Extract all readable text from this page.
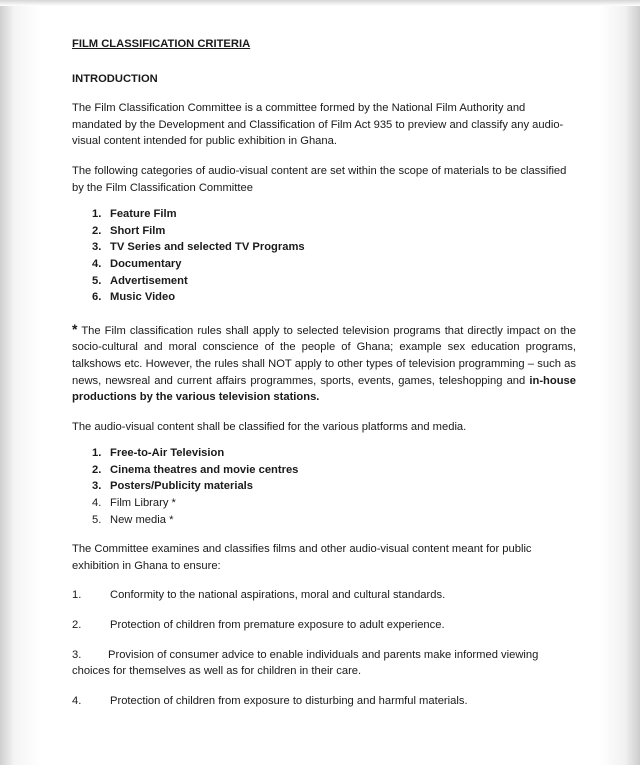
FILM CLASSIFICATION CRITERIA

INTRODUCTION

The Film Classification Committee is a committee formed by the National Film Authority and mandated by the Development and Classification of Film Act 935 to preview and classify any audio-visual content intended for public exhibition in Ghana.

The following categories of audio-visual content are set within the scope of materials to be classified by the Film Classification Committee

1. Feature Film
2. Short Film
3. TV Series and selected TV Programs
4. Documentary
5. Advertisement
6. Music Video

* The Film classification rules shall apply to selected television programs that directly impact on the socio-cultural and moral conscience of the people of Ghana; example sex education programs, talkshows etc. However, the rules shall NOT apply to other types of television programming – such as news, newsreal and current affairs programmes, sports, events, games, teleshopping and in-house productions by the various television stations.

The audio-visual content shall be classified for the various platforms and media.

1. Free-to-Air Television
2. Cinema theatres and movie centres
3. Posters/Publicity materials
4. Film Library *
5. New media *

The Committee examines and classifies films and other audio-visual content meant for public exhibition in Ghana to ensure:

1.	Conformity to the national aspirations, moral and cultural standards.
2.	Protection of children from premature exposure to adult experience.

3. Provision of consumer advice to enable individuals and parents make informed viewing choices for themselves as well as for children in their care.

4.	Protection of children from exposure to disturbing and harmful materials.
